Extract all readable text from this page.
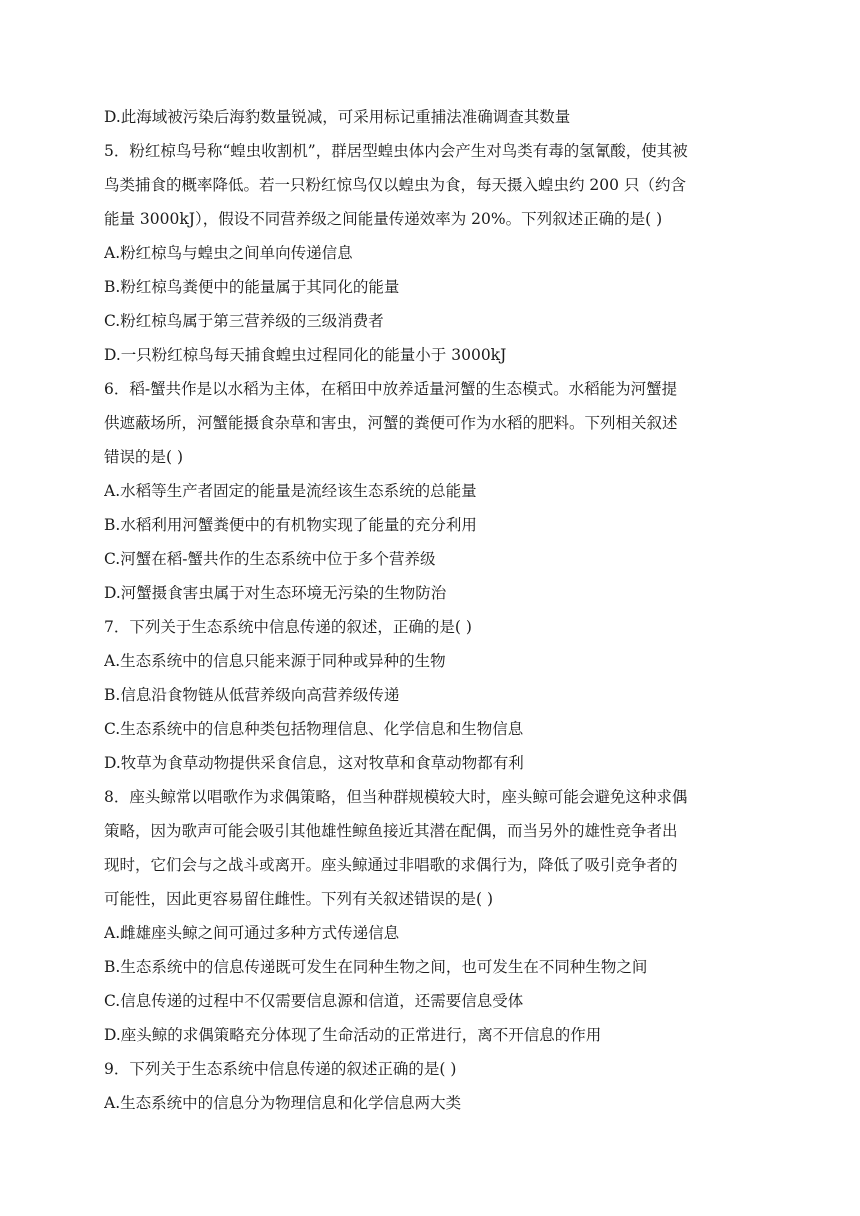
D.此海域被污染后海豹数量锐减，可采用标记重捕法准确调查其数量
5．粉红椋鸟号称“蝗虫收割机”，群居型蝗虫体内会产生对鸟类有毒的氢氰酸，使其被
鸟类捕食的概率降低。若一只粉红惊鸟仅以蝗虫为食，每天摄入蝗虫约 200 只（约含
能量 3000kJ），假设不同营养级之间能量传递效率为 20%。下列叙述正确的是( )
A.粉红椋鸟与蝗虫之间单向传递信息
B.粉红椋鸟粪便中的能量属于其同化的能量
C.粉红椋鸟属于第三营养级的三级消费者
D.一只粉红椋鸟每天捕食蝗虫过程同化的能量小于 3000kJ
6．稻-蟹共作是以水稻为主体，在稻田中放养适量河蟹的生态模式。水稻能为河蟹提
供遮蔽场所，河蟹能摄食杂草和害虫，河蟹的粪便可作为水稻的肥料。下列相关叙述
错误的是( )
A.水稻等生产者固定的能量是流经该生态系统的总能量
B.水稻利用河蟹粪便中的有机物实现了能量的充分利用
C.河蟹在稻-蟹共作的生态系统中位于多个营养级
D.河蟹摄食害虫属于对生态环境无污染的生物防治
7．下列关于生态系统中信息传递的叙述，正确的是( )
A.生态系统中的信息只能来源于同种或异种的生物
B.信息沿食物链从低营养级向高营养级传递
C.生态系统中的信息种类包括物理信息、化学信息和生物信息
D.牧草为食草动物提供采食信息，这对牧草和食草动物都有利
8．座头鲸常以唱歌作为求偶策略，但当种群规模较大时，座头鲸可能会避免这种求偶
策略，因为歌声可能会吸引其他雄性鲸鱼接近其潜在配偶，而当另外的雄性竞争者出
现时，它们会与之战斗或离开。座头鲸通过非唱歌的求偶行为，降低了吸引竞争者的
可能性，因此更容易留住雌性。下列有关叙述错误的是( )
A.雌雄座头鲸之间可通过多种方式传递信息
B.生态系统中的信息传递既可发生在同种生物之间，也可发生在不同种生物之间
C.信息传递的过程中不仅需要信息源和信道，还需要信息受体
D.座头鲸的求偶策略充分体现了生命活动的正常进行，离不开信息的作用
9．下列关于生态系统中信息传递的叙述正确的是( )
A.生态系统中的信息分为物理信息和化学信息两大类
